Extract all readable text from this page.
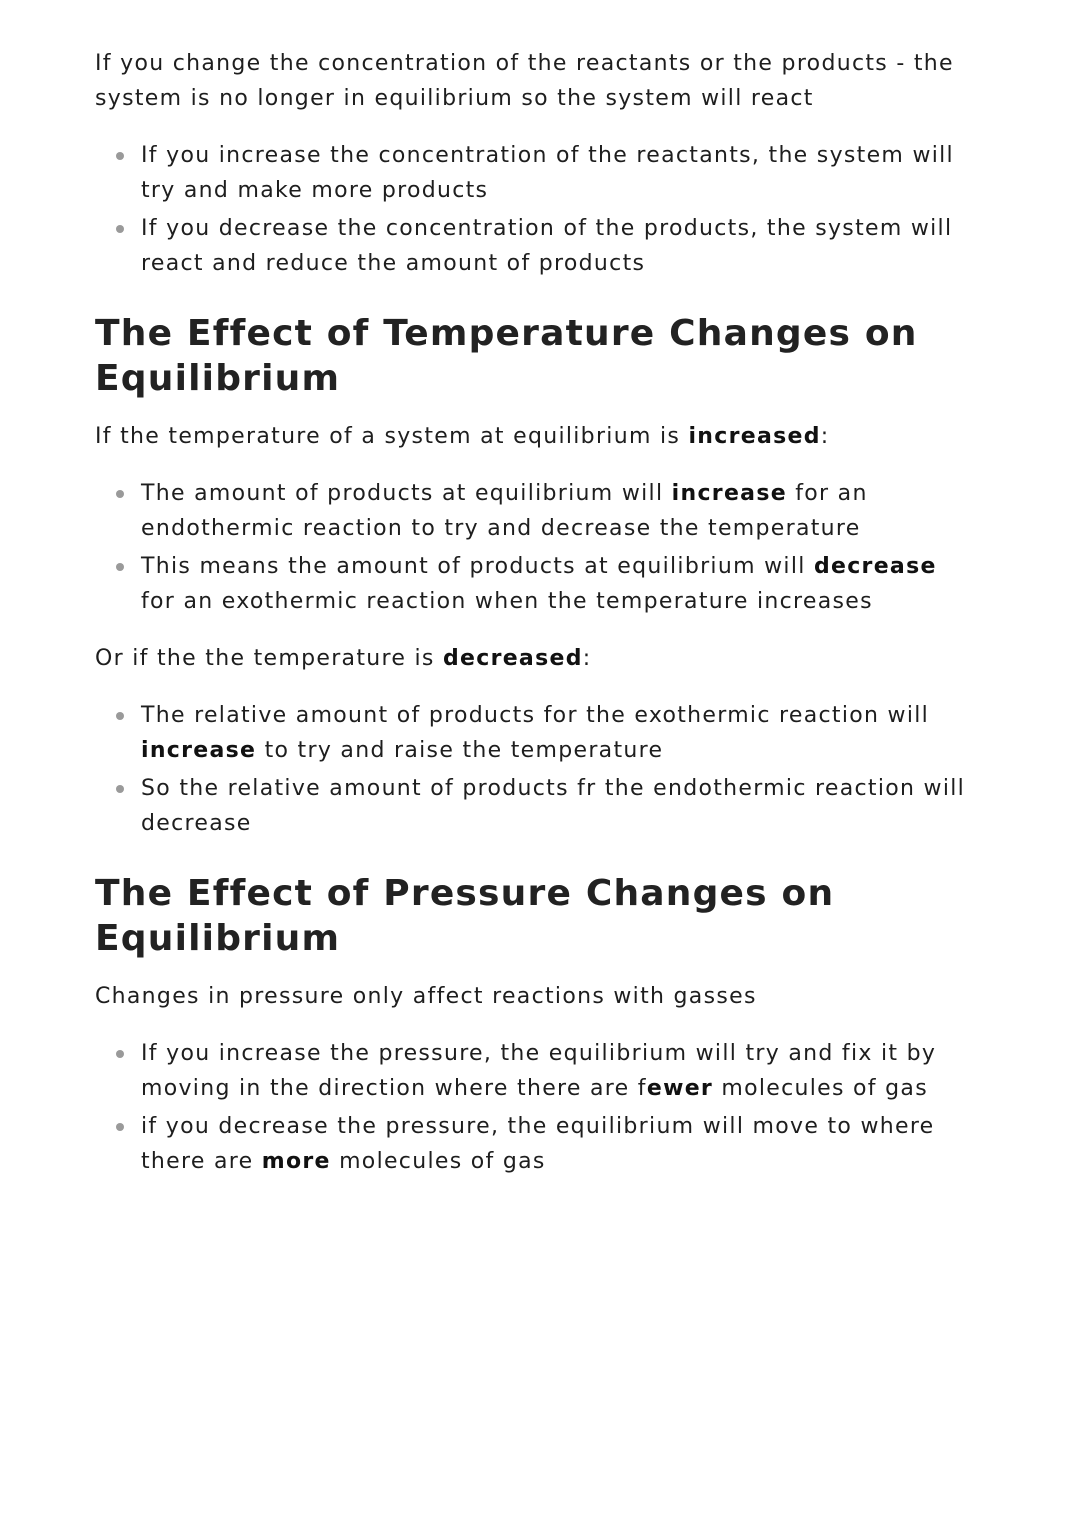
If you change the concentration of the reactants or the products - the system is no longer in equilibrium so the system will react

If you increase the concentration of the reactants, the system will try and make more products
If you decrease the concentration of the products, the system will react and reduce the amount of products
The Effect of Temperature Changes on Equilibrium

If the temperature of a system at equilibrium is increased:

The amount of products at equilibrium will increase for an endothermic reaction to try and decrease the temperature
This means the amount of products at equilibrium will decrease for an exothermic reaction when the temperature increases

Or if the the temperature is decreased:

The relative amount of products for the exothermic reaction will increase to try and raise the temperature
So the relative amount of products fr the endothermic reaction will decrease
The Effect of Pressure Changes on Equilibrium

Changes in pressure only affect reactions with gasses

If you increase the pressure, the equilibrium will try and fix it by moving in the direction where there are fewer molecules of gas
if you decrease the pressure, the equilibrium will move to where there are more molecules of gas
